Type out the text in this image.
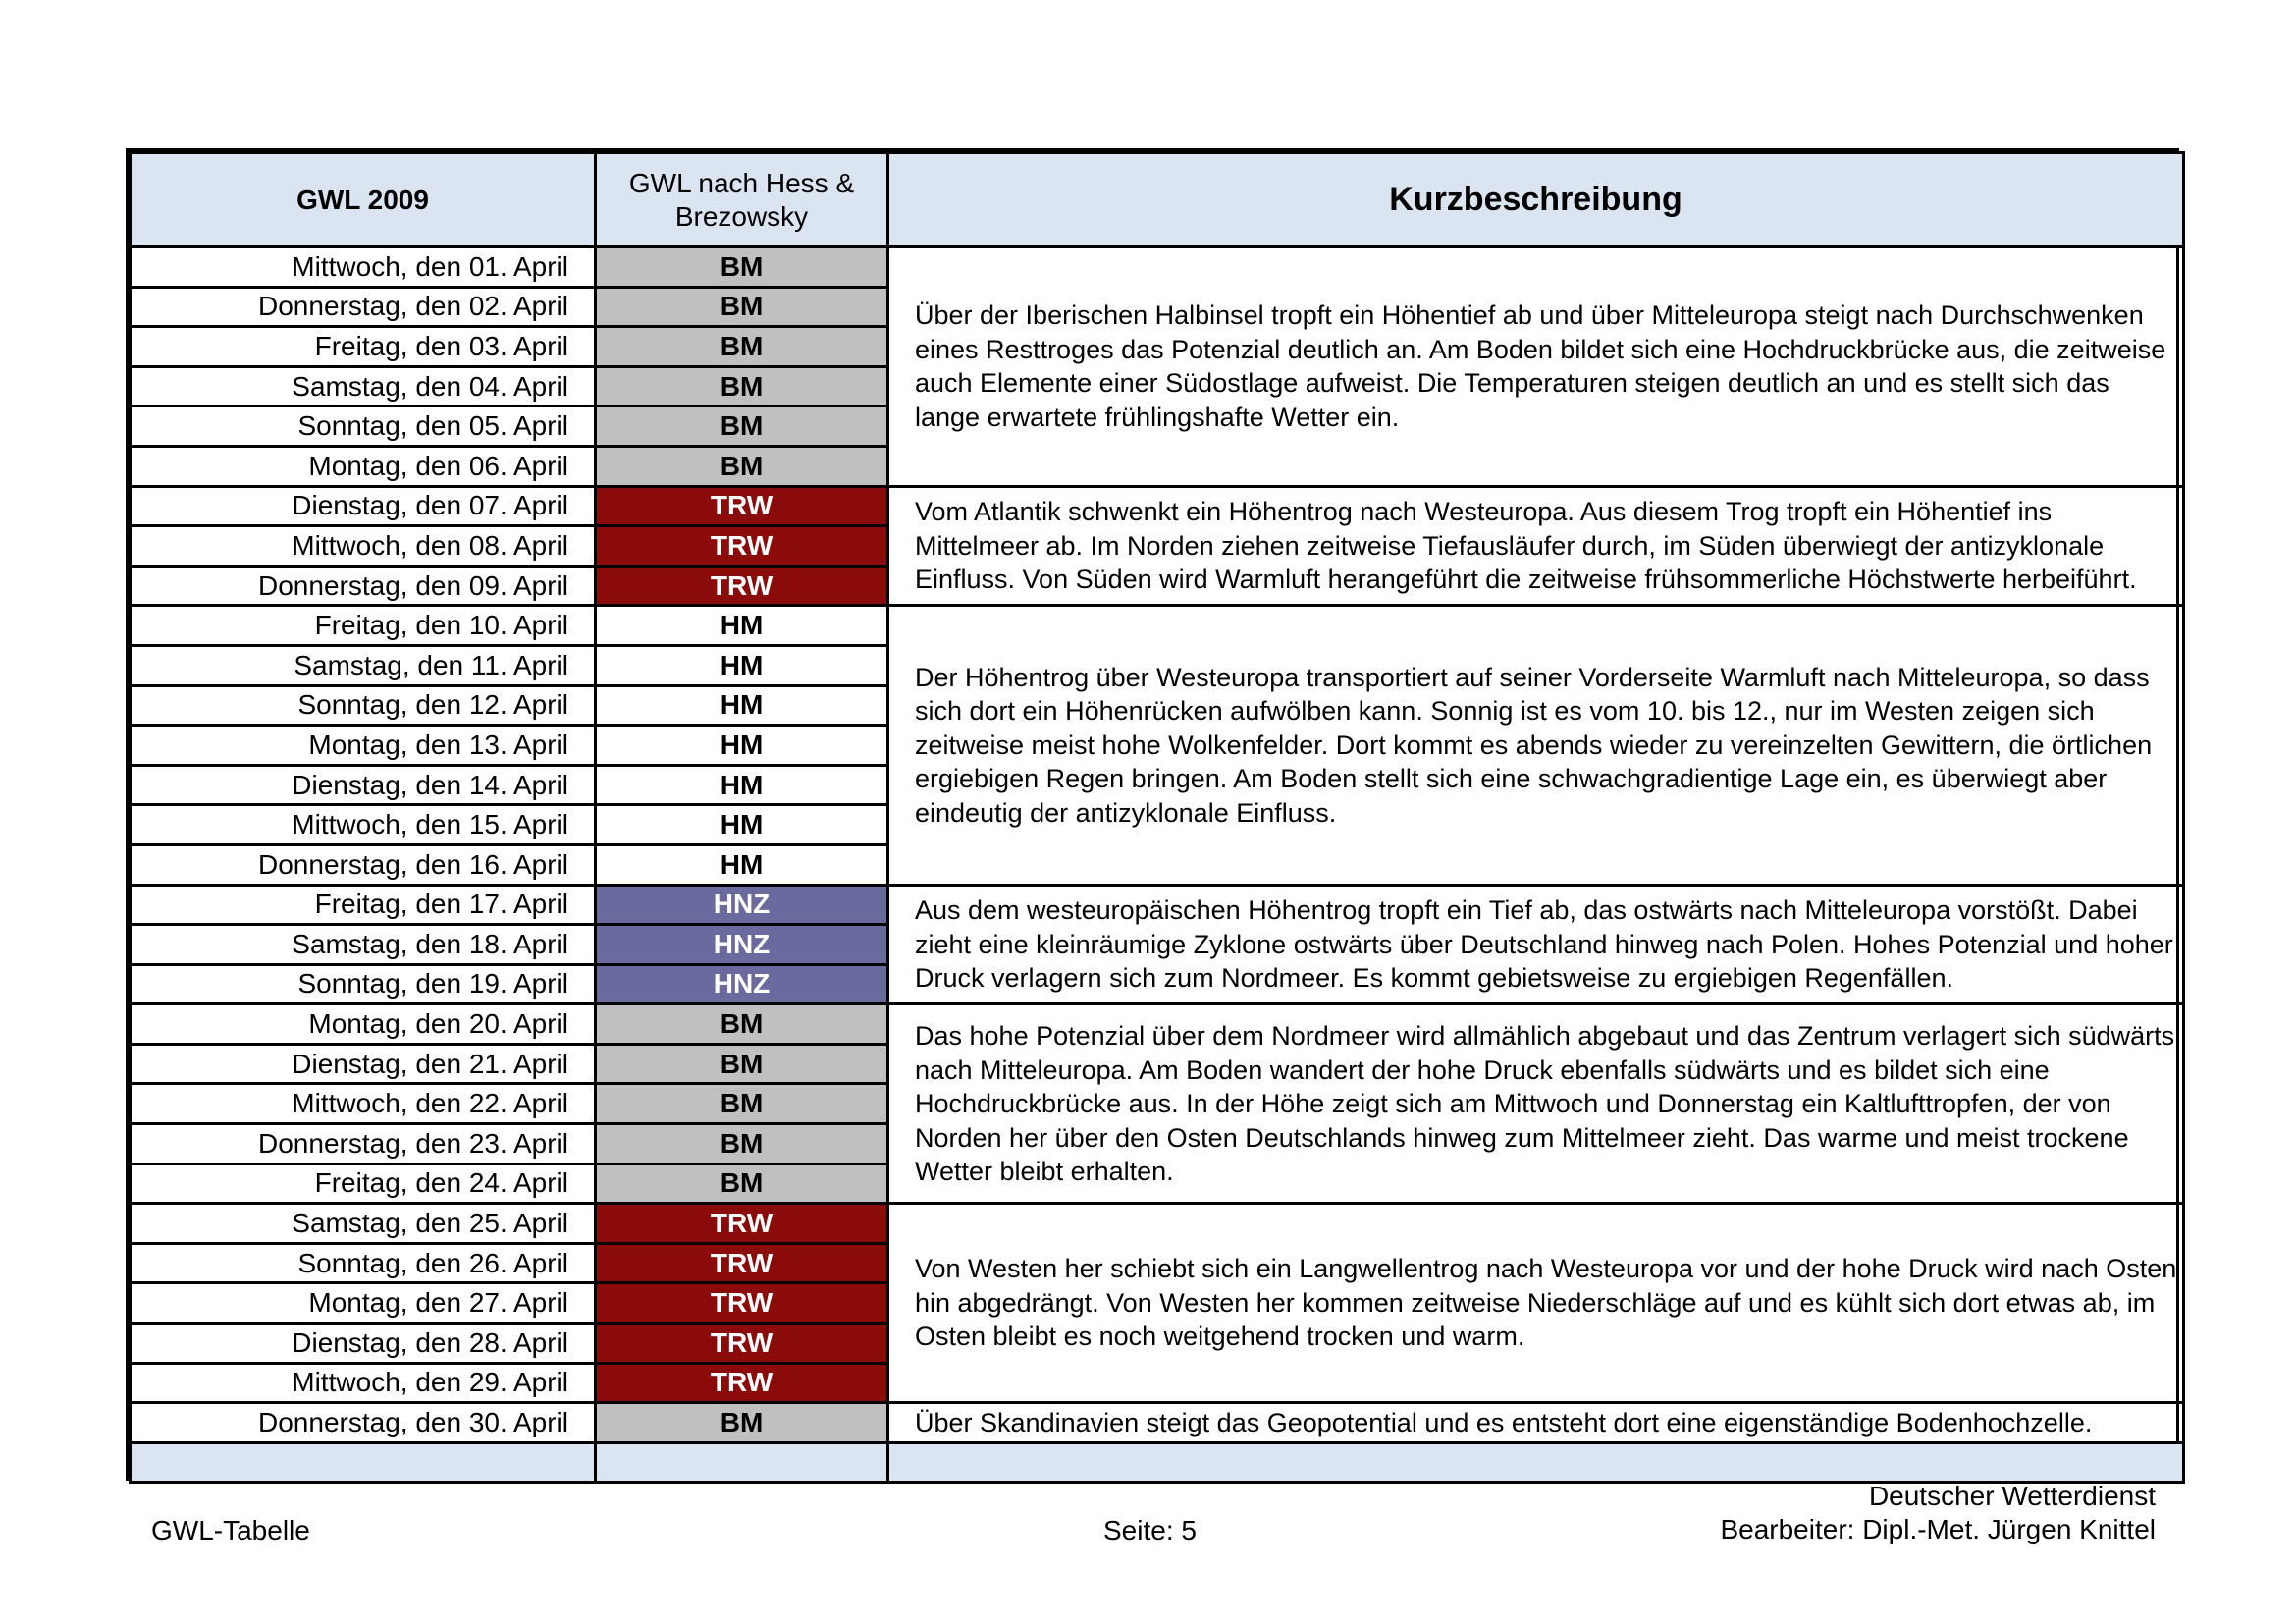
GWL 2009	GWL nach Hess & Brezowsky	Kurzbeschreibung
Mittwoch, den 01. April	BM	Über der Iberischen Halbinsel tropft ein Höhentief ab und über Mitteleuropa steigt nach Durchschwenken eines Resttroges das Potenzial deutlich an. Am Boden bildet sich eine Hochdruckbrücke aus, die zeitweise auch Elemente einer Südostlage aufweist. Die Temperaturen steigen deutlich an und es stellt sich das lange erwartete frühlingshafte Wetter ein.

Donnerstag, den 02. April	BM	
Freitag, den 03. April	BM	
Samstag, den 04. April	BM	
Sonntag, den 05. April	BM	
Montag, den 06. April	BM	
Dienstag, den 07. April	TRW	Vom Atlantik schwenkt ein Höhentrog nach Westeuropa. Aus diesem Trog tropft ein Höhentief ins Mittelmeer ab. Im Norden ziehen zeitweise Tiefausläufer durch, im Süden überwiegt der antizyklonale Einfluss. Von Süden wird Warmluft herangeführt die zeitweise frühsommerliche Höchstwerte herbeiführt.

Mittwoch, den 08. April	TRW	
Donnerstag, den 09. April	TRW	
Freitag, den 10. April	HM	Der Höhentrog über Westeuropa transportiert auf seiner Vorderseite Warmluft nach Mitteleuropa, so dass sich dort ein Höhenrücken aufwölben kann. Sonnig ist es vom 10. bis 12., nur im Westen zeigen sich zeitweise meist hohe Wolkenfelder. Dort kommt es abends wieder zu vereinzelten Gewittern, die örtlichen ergiebigen Regen bringen. Am Boden stellt sich eine schwachgradientige Lage ein, es überwiegt aber eindeutig der antizyklonale Einfluss.

Samstag, den 11. April	HM	
Sonntag, den 12. April	HM	
Montag, den 13. April	HM	
Dienstag, den 14. April	HM	
Mittwoch, den 15. April	HM	
Donnerstag, den 16. April	HM	
Freitag, den 17. April	HNZ	Aus dem westeuropäischen Höhentrog tropft ein Tief ab, das ostwärts nach Mitteleuropa vorstößt. Dabei zieht eine kleinräumige Zyklone ostwärts über Deutschland hinweg nach Polen. Hohes Potenzial und hoher Druck verlagern sich zum Nordmeer. Es kommt gebietsweise zu ergiebigen Regenfällen.

Samstag, den 18. April	HNZ	
Sonntag, den 19. April	HNZ	
Montag, den 20. April	BM	Das hohe Potenzial über dem Nordmeer wird allmählich abgebaut und das Zentrum verlagert sich südwärts nach Mitteleuropa. Am Boden wandert der hohe Druck ebenfalls südwärts und es bildet sich eine Hochdruckbrücke aus. In der Höhe zeigt sich am Mittwoch und Donnerstag ein Kaltlufttropfen, der von Norden her über den Osten Deutschlands hinweg zum Mittelmeer zieht. Das warme und meist trockene Wetter bleibt erhalten.

Dienstag, den 21. April	BM	
Mittwoch, den 22. April	BM	
Donnerstag, den 23. April	BM	
Freitag, den 24. April	BM	
Samstag, den 25. April	TRW	Von Westen her schiebt sich ein Langwellentrog nach Westeuropa vor und der hohe Druck wird nach Osten hin abgedrängt. Von Westen her kommen zeitweise Niederschläge auf und es kühlt sich dort etwas ab, im Osten bleibt es noch weitgehend trocken und warm.

Sonntag, den 26. April	TRW	
Montag, den 27. April	TRW	
Dienstag, den 28. April	TRW	
Mittwoch, den 29. April	TRW	
Donnerstag, den 30. April	BM	Über Skandinavien steigt das Geopotential und es entsteht dort eine eigenständige Bodenhochzelle.

GWL-Tabelle	Seite: 5
Deutscher Wetterdienst
Bearbeiter: Dipl.-Met. Jürgen Knittel
